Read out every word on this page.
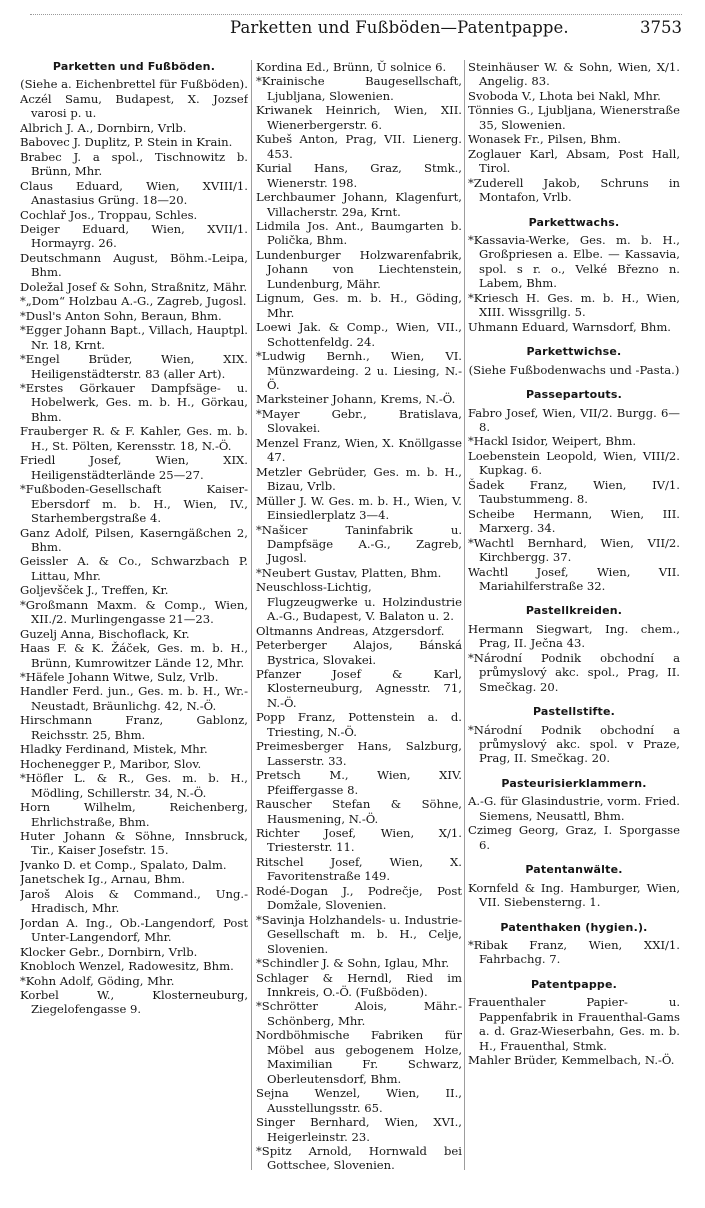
Parketten und Fußböden—Patentpappe.	3753
Parketten und Fußböden.
(Siehe a. Eichenbrettel für Fußböden).
Aczél Samu, Budapest, X. Jozsef varosi p. u.
Albrich J. A., Dornbirn, Vrlb.
Babovec J. Duplitz, P. Stein in Krain.
Brabec J. a spol., Tischnowitz b. Brünn, Mhr.
Claus Eduard, Wien, XVIII/1. Anastasius Grüng. 18—20.
Cochlař Jos., Troppau, Schles.
Deiger Eduard, Wien, XVII/1. Hormayrg. 26.
Deutschmann August, Böhm.-Leipa, Bhm.
Doležal Josef & Sohn, Straßnitz, Mähr.
*„Dom“ Holzbau A.-G., Zagreb, Jugosl.
*Dusl's Anton Sohn, Beraun, Bhm.
*Egger Johann Bapt., Villach, Hauptpl. Nr. 18, Krnt.
*Engel Brüder, Wien, XIX. Heiligenstädterstr. 83 (aller Art).
*Erstes Görkauer Dampfsäge- u. Hobelwerk, Ges. m. b. H., Görkau, Bhm.
Frauberger R. & F. Kahler, Ges. m. b. H., St. Pölten, Kerensstr. 18, N.-Ö.
Friedl Josef, Wien, XIX. Heiligenstädterlände 25—27.
*Fußboden-Gesellschaft Kaiser-Ebersdorf m. b. H., Wien, IV., Starhembergstraße 4.
Ganz Adolf, Pilsen, Kaserngäßchen 2, Bhm.
Geissler A. & Co., Schwarzbach P. Littau, Mhr.
Goljevšček J., Treffen, Kr.
*Großmann Maxm. & Comp., Wien, XII./2. Murlingengasse 21—23.
Guzelj Anna, Bischoflack, Kr.
Haas F. & K. Žáček, Ges. m. b. H., Brünn, Kumrowitzer Lände 12, Mhr.
*Häfele Johann Witwe, Sulz, Vrlb.
Handler Ferd. jun., Ges. m. b. H., Wr.-Neustadt, Bräunlichg. 42, N.-Ö.
Hirschmann Franz, Gablonz, Reichsstr. 25, Bhm.
Hladky Ferdinand, Mistek, Mhr.
Hochenegger P., Maribor, Slov.
*Höfler L. & R., Ges. m. b. H., Mödling, Schillerstr. 34, N.-Ö.
Horn Wilhelm, Reichenberg, Ehrlichstraße, Bhm.
Huter Johann & Söhne, Innsbruck, Tir., Kaiser Josefstr. 15.
Jvanko D. et Comp., Spalato, Dalm.
Janetschek Ig., Arnau, Bhm.
Jaroš Alois & Command., Ung.-Hradisch, Mhr.
Jordan A. Ing., Ob.-Langendorf, Post Unter-Langendorf, Mhr.
Klocker Gebr., Dornbirn, Vrlb.
Knobloch Wenzel, Radowesitz, Bhm.
*Kohn Adolf, Göding, Mhr.
Korbel W., Klosterneuburg, Ziegelofengasse 9.
Kordina Ed., Brünn, Ŭ solnice 6.
*Krainische Baugesellschaft, Ljubljana, Slowenien.
Kriwanek Heinrich, Wien, XII. Wienerbergerstr. 6.
Kubeš Anton, Prag, VII. Lienerg. 453.
Kurial Hans, Graz, Stmk., Wienerstr. 198.
Lerchbaumer Johann, Klagenfurt, Villacherstr. 29a, Krnt.
Lidmila Jos. Ant., Baumgarten b. Polička, Bhm.
Lundenburger Holzwarenfabrik, Johann von Liechtenstein, Lundenburg, Mähr.
Lignum, Ges. m. b. H., Göding, Mhr.
Loewi Jak. & Comp., Wien, VII., Schottenfeldg. 24.
*Ludwig Bernh., Wien, VI. Münzwardeing. 2 u. Liesing, N.-Ö.
Marksteiner Johann, Krems, N.-Ö.
*Mayer Gebr., Bratislava, Slovakei.
Menzel Franz, Wien, X. Knöllgasse 47.
Metzler Gebrüder, Ges. m. b. H., Bizau, Vrlb.
Müller J. W. Ges. m. b. H., Wien, V. Einsiedlerplatz 3—4.
*Našicer Taninfabrik u. Dampfsäge A.-G., Zagreb, Jugosl.
*Neubert Gustav, Platten, Bhm.
Neuschloss-Lichtig, Flugzeugwerke u. Holzindustrie A.-G., Budapest, V. Balaton u. 2.
Oltmanns Andreas, Atzgersdorf.
Peterberger Alajos, Bánská Bystrica, Slovakei.
Pfanzer Josef & Karl, Klosterneuburg, Agnesstr. 71, N.-Ö.
Popp Franz, Pottenstein a. d. Triesting, N.-Ö.
Preimesberger Hans, Salzburg, Lasserstr. 33.
Pretsch M., Wien, XIV. Pfeiffergasse 8.
Rauscher Stefan & Söhne, Hausmening, N.-Ö.
Richter Josef, Wien, X/1. Triesterstr. 11.
Ritschel Josef, Wien, X. Favoritenstraße 149.
Rodé-Dogan J., Podrečje, Post Domžale, Slovenien.
*Savinja Holzhandels- u. Industrie-Gesellschaft m. b. H., Celje, Slovenien.
*Schindler J. & Sohn, Iglau, Mhr.
Schlager & Herndl, Ried im Innkreis, O.-Ö. (Fußböden).
*Schrötter Alois, Mähr.-Schönberg, Mhr.
Nordböhmische Fabriken für Möbel aus gebogenem Holze, Maximilian Fr. Schwarz, Oberleutensdorf, Bhm.
Sejna Wenzel, Wien, II., Ausstellungsstr. 65.
Singer Bernhard, Wien, XVI., Heigerleinstr. 23.
*Spitz Arnold, Hornwald bei Gottschee, Slovenien.
Steinhäuser W. & Sohn, Wien, X/1. Angelig. 83.
Svoboda V., Lhota bei Nakl, Mhr.
Tönnies G., Ljubljana, Wienerstraße 35, Slowenien.
Wonasek Fr., Pilsen, Bhm.
Zoglauer Karl, Absam, Post Hall, Tirol.
*Zuderell Jakob, Schruns in Montafon, Vrlb.
Parkettwachs.
*Kassavia-Werke, Ges. m. b. H., Großpriesen a. Elbe. — Kassavia, spol. s r. o., Velké Březno n. Labem, Bhm.
*Kriesch H. Ges. m. b. H., Wien, XIII. Wissgrillg. 5.
Uhmann Eduard, Warnsdorf, Bhm.
Parkettwichse.
(Siehe Fußbodenwachs und -Pasta.)
Passepartouts.
Fabro Josef, Wien, VII/2. Burgg. 6—8.
*Hackl Isidor, Weipert, Bhm.
Loebenstein Leopold, Wien, VIII/2. Kupkag. 6.
Šadek Franz, Wien, IV/1. Taubstummeng. 8.
Scheibe Hermann, Wien, III. Marxerg. 34.
*Wachtl Bernhard, Wien, VII/2. Kirchbergg. 37.
Wachtl Josef, Wien, VII. Mariahilferstraße 32.
Pastellkreiden.
Hermann Siegwart, Ing. chem., Prag, II. Ječna 43.
*Národní Podnik obchodní a průmyslový akc. spol., Prag, II. Smečkag. 20.
Pastellstifte.
*Národní Podnik obchodní a průmyslový akc. spol. v Praze, Prag, II. Smečkag. 20.
Pasteurisierklammern.
A.-G. für Glasindustrie, vorm. Fried. Siemens, Neusattl, Bhm.
Czimeg Georg, Graz, I. Sporgasse 6.
Patentanwälte.
Kornfeld & Ing. Hamburger, Wien, VII. Siebensterng. 1.
Patenthaken (hygien.).
*Ribak Franz, Wien, XXI/1. Fahrbachg. 7.
Patentpappe.
Frauenthaler Papier- u. Pappenfabrik in Frauenthal-Gams a. d. Graz-Wieserbahn, Ges. m. b. H., Frauenthal, Stmk.
Mahler Brüder, Kemmelbach, N.-Ö.
